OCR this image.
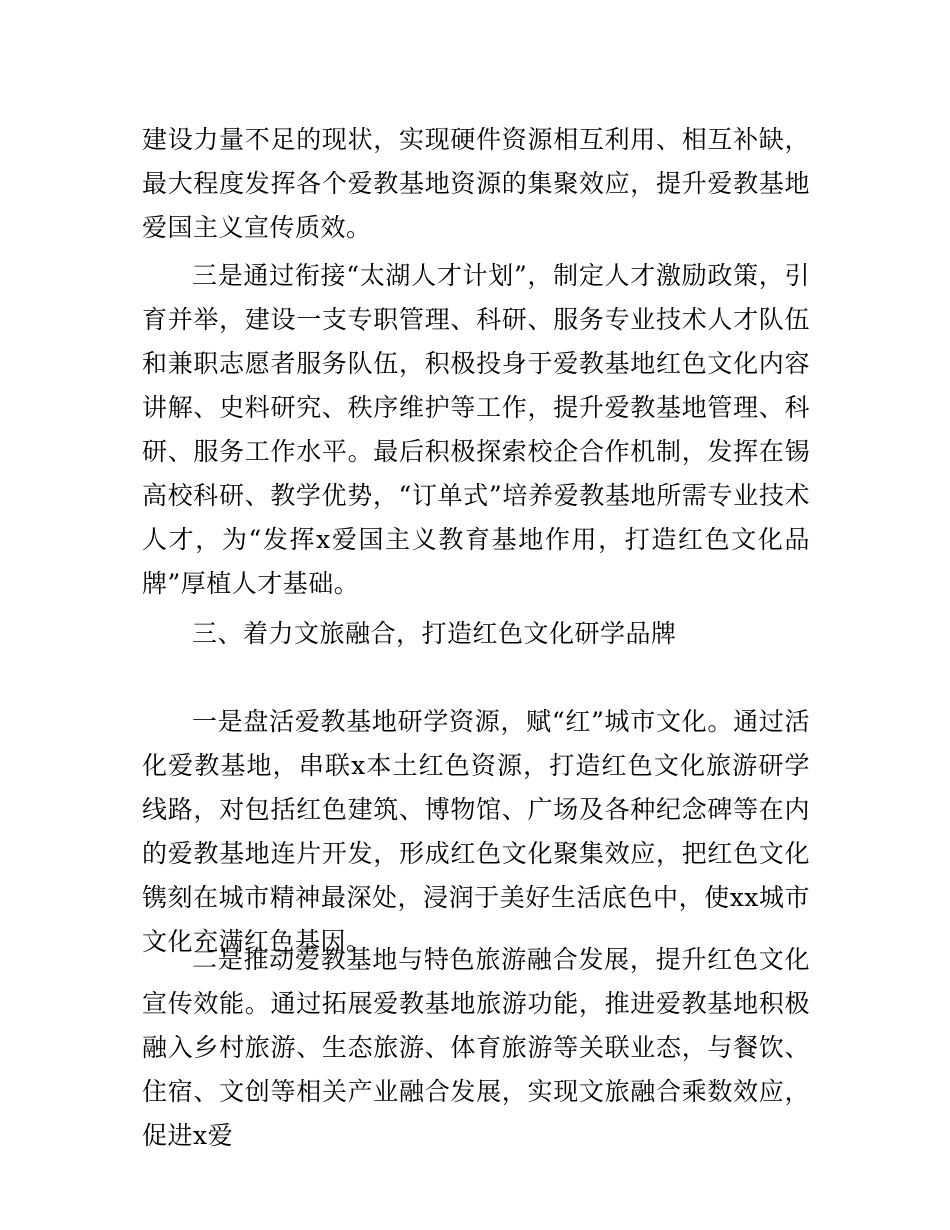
建设力量不足的现状，实现硬件资源相互利用、相互补缺，最大程度发挥各个爱教基地资源的集聚效应，提升爱教基地爱国主义宣传质效。

三是通过衔接“太湖人才计划”，制定人才激励政策，引育并举，建设一支专职管理、科研、服务专业技术人才队伍和兼职志愿者服务队伍，积极投身于爱教基地红色文化内容讲解、史料研究、秩序维护等工作，提升爱教基地管理、科研、服务工作水平。最后积极探索校企合作机制，发挥在锡高校科研、教学优势，“订单式”培养爱教基地所需专业技术人才，为“发挥x爱国主义教育基地作用，打造红色文化品牌”厚植人才基础。

三、着力文旅融合，打造红色文化研学品牌

一是盘活爱教基地研学资源，赋“红”城市文化。通过活化爱教基地，串联x本土红色资源，打造红色文化旅游研学线路，对包括红色建筑、博物馆、广场及各种纪念碑等在内的爱教基地连片开发，形成红色文化聚集效应，把红色文化镌刻在城市精神最深处，浸润于美好生活底色中，使xx城市文化充满红色基因。

二是推动爱教基地与特色旅游融合发展，提升红色文化宣传效能。通过拓展爱教基地旅游功能，推进爱教基地积极融入乡村旅游、生态旅游、体育旅游等关联业态，与餐饮、住宿、文创等相关产业融合发展，实现文旅融合乘数效应，促进x爱
